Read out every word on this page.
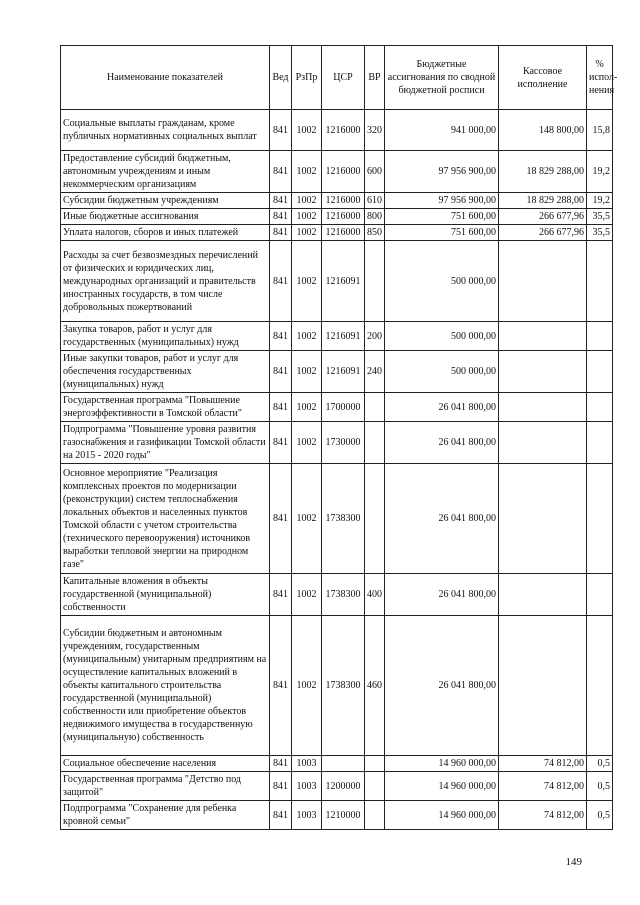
Наименование показателей	Вед	РзПр	ЦСР	ВР	Бюджетные ассигнования по сводной бюджетной росписи	Кассовое исполнение	% испол-нения
Социальные выплаты гражданам, кроме публичных нормативных социальных выплат	841	1002	1216000	320	941 000,00	148 800,00	15,8
Предоставление субсидий бюджетным, автономным учреждениям и иным некоммерческим организациям	841	1002	1216000	600	97 956 900,00	18 829 288,00	19,2
Субсидии бюджетным учреждениям	841	1002	1216000	610	97 956 900,00	18 829 288,00	19,2
Иные бюджетные ассигнования	841	1002	1216000	800	751 600,00	266 677,96	35,5
Уплата налогов, сборов и иных платежей	841	1002	1216000	850	751 600,00	266 677,96	35,5
Расходы за счет безвозмездных перечислений от физических и юридических лиц, международных организаций и правительств иностранных государств, в том числе добровольных пожертвований	841	1002	1216091		500 000,00		
Закупка товаров, работ и услуг для государственных (муниципальных) нужд	841	1002	1216091	200	500 000,00		
Иные закупки товаров, работ и услуг для обеспечения государственных (муниципальных) нужд	841	1002	1216091	240	500 000,00		
Государственная программа "Повышение энергоэффективности в Томской области"	841	1002	1700000		26 041 800,00		
Подпрограмма "Повышение уровня развития газоснабжения и газификации Томской области на 2015 - 2020 годы"	841	1002	1730000		26 041 800,00		
Основное мероприятие "Реализация комплексных проектов по модернизации (реконструкции) систем теплоснабжения локальных объектов и населенных пунктов Томской области с учетом строительства (технического перевооружения) источников выработки тепловой энергии на природном газе"	841	1002	1738300		26 041 800,00		
Капитальные вложения в объекты государственной (муниципальной) собственности	841	1002	1738300	400	26 041 800,00		
Субсидии бюджетным и автономным учреждениям, государственным (муниципальным) унитарным предприятиям на осуществление капитальных вложений в объекты капитального строительства государственной (муниципальной) собственности или приобретение объектов недвижимого имущества в государственную (муниципальную) собственность	841	1002	1738300	460	26 041 800,00		
Социальное обеспечение населения	841	1003			14 960 000,00	74 812,00	0,5
Государственная программа "Детство под защитой"	841	1003	1200000		14 960 000,00	74 812,00	0,5
Подпрограмма "Сохранение для ребенка кровной семьи"	841	1003	1210000		14 960 000,00	74 812,00	0,5
149
